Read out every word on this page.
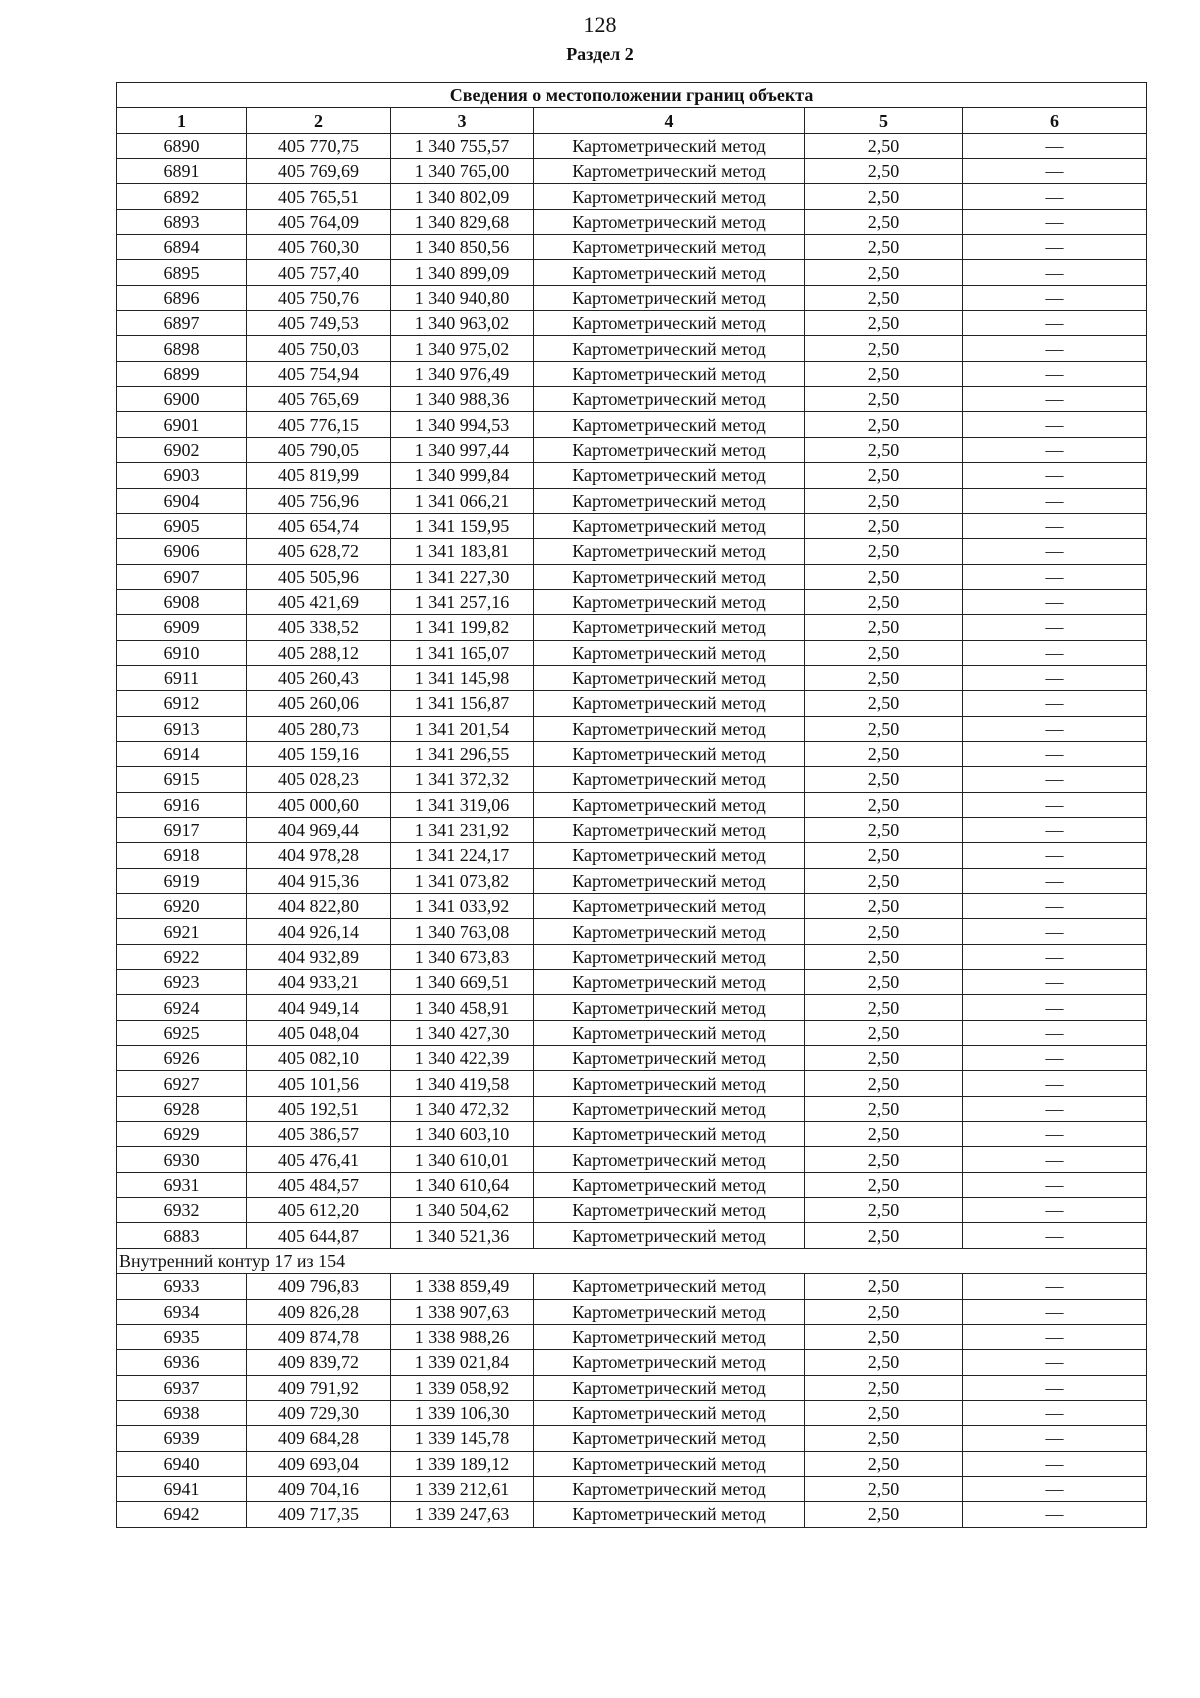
128
Раздел 2
Сведения о местоположении границ объекта					
1	2	3	4	5	6
6890	405 770,75	1 340 755,57	Картометрический метод	2,50	—
6891	405 769,69	1 340 765,00	Картометрический метод	2,50	—
6892	405 765,51	1 340 802,09	Картометрический метод	2,50	—
6893	405 764,09	1 340 829,68	Картометрический метод	2,50	—
6894	405 760,30	1 340 850,56	Картометрический метод	2,50	—
6895	405 757,40	1 340 899,09	Картометрический метод	2,50	—
6896	405 750,76	1 340 940,80	Картометрический метод	2,50	—
6897	405 749,53	1 340 963,02	Картометрический метод	2,50	—
6898	405 750,03	1 340 975,02	Картометрический метод	2,50	—
6899	405 754,94	1 340 976,49	Картометрический метод	2,50	—
6900	405 765,69	1 340 988,36	Картометрический метод	2,50	—
6901	405 776,15	1 340 994,53	Картометрический метод	2,50	—
6902	405 790,05	1 340 997,44	Картометрический метод	2,50	—
6903	405 819,99	1 340 999,84	Картометрический метод	2,50	—
6904	405 756,96	1 341 066,21	Картометрический метод	2,50	—
6905	405 654,74	1 341 159,95	Картометрический метод	2,50	—
6906	405 628,72	1 341 183,81	Картометрический метод	2,50	—
6907	405 505,96	1 341 227,30	Картометрический метод	2,50	—
6908	405 421,69	1 341 257,16	Картометрический метод	2,50	—
6909	405 338,52	1 341 199,82	Картометрический метод	2,50	—
6910	405 288,12	1 341 165,07	Картометрический метод	2,50	—
6911	405 260,43	1 341 145,98	Картометрический метод	2,50	—
6912	405 260,06	1 341 156,87	Картометрический метод	2,50	—
6913	405 280,73	1 341 201,54	Картометрический метод	2,50	—
6914	405 159,16	1 341 296,55	Картометрический метод	2,50	—
6915	405 028,23	1 341 372,32	Картометрический метод	2,50	—
6916	405 000,60	1 341 319,06	Картометрический метод	2,50	—
6917	404 969,44	1 341 231,92	Картометрический метод	2,50	—
6918	404 978,28	1 341 224,17	Картометрический метод	2,50	—
6919	404 915,36	1 341 073,82	Картометрический метод	2,50	—
6920	404 822,80	1 341 033,92	Картометрический метод	2,50	—
6921	404 926,14	1 340 763,08	Картометрический метод	2,50	—
6922	404 932,89	1 340 673,83	Картометрический метод	2,50	—
6923	404 933,21	1 340 669,51	Картометрический метод	2,50	—
6924	404 949,14	1 340 458,91	Картометрический метод	2,50	—
6925	405 048,04	1 340 427,30	Картометрический метод	2,50	—
6926	405 082,10	1 340 422,39	Картометрический метод	2,50	—
6927	405 101,56	1 340 419,58	Картометрический метод	2,50	—
6928	405 192,51	1 340 472,32	Картометрический метод	2,50	—
6929	405 386,57	1 340 603,10	Картометрический метод	2,50	—
6930	405 476,41	1 340 610,01	Картометрический метод	2,50	—
6931	405 484,57	1 340 610,64	Картометрический метод	2,50	—
6932	405 612,20	1 340 504,62	Картометрический метод	2,50	—
6883	405 644,87	1 340 521,36	Картометрический метод	2,50	—
Внутренний контур 17 из 154					
6933	409 796,83	1 338 859,49	Картометрический метод	2,50	—
6934	409 826,28	1 338 907,63	Картометрический метод	2,50	—
6935	409 874,78	1 338 988,26	Картометрический метод	2,50	—
6936	409 839,72	1 339 021,84	Картометрический метод	2,50	—
6937	409 791,92	1 339 058,92	Картометрический метод	2,50	—
6938	409 729,30	1 339 106,30	Картометрический метод	2,50	—
6939	409 684,28	1 339 145,78	Картометрический метод	2,50	—
6940	409 693,04	1 339 189,12	Картометрический метод	2,50	—
6941	409 704,16	1 339 212,61	Картометрический метод	2,50	—
6942	409 717,35	1 339 247,63	Картометрический метод	2,50	—
